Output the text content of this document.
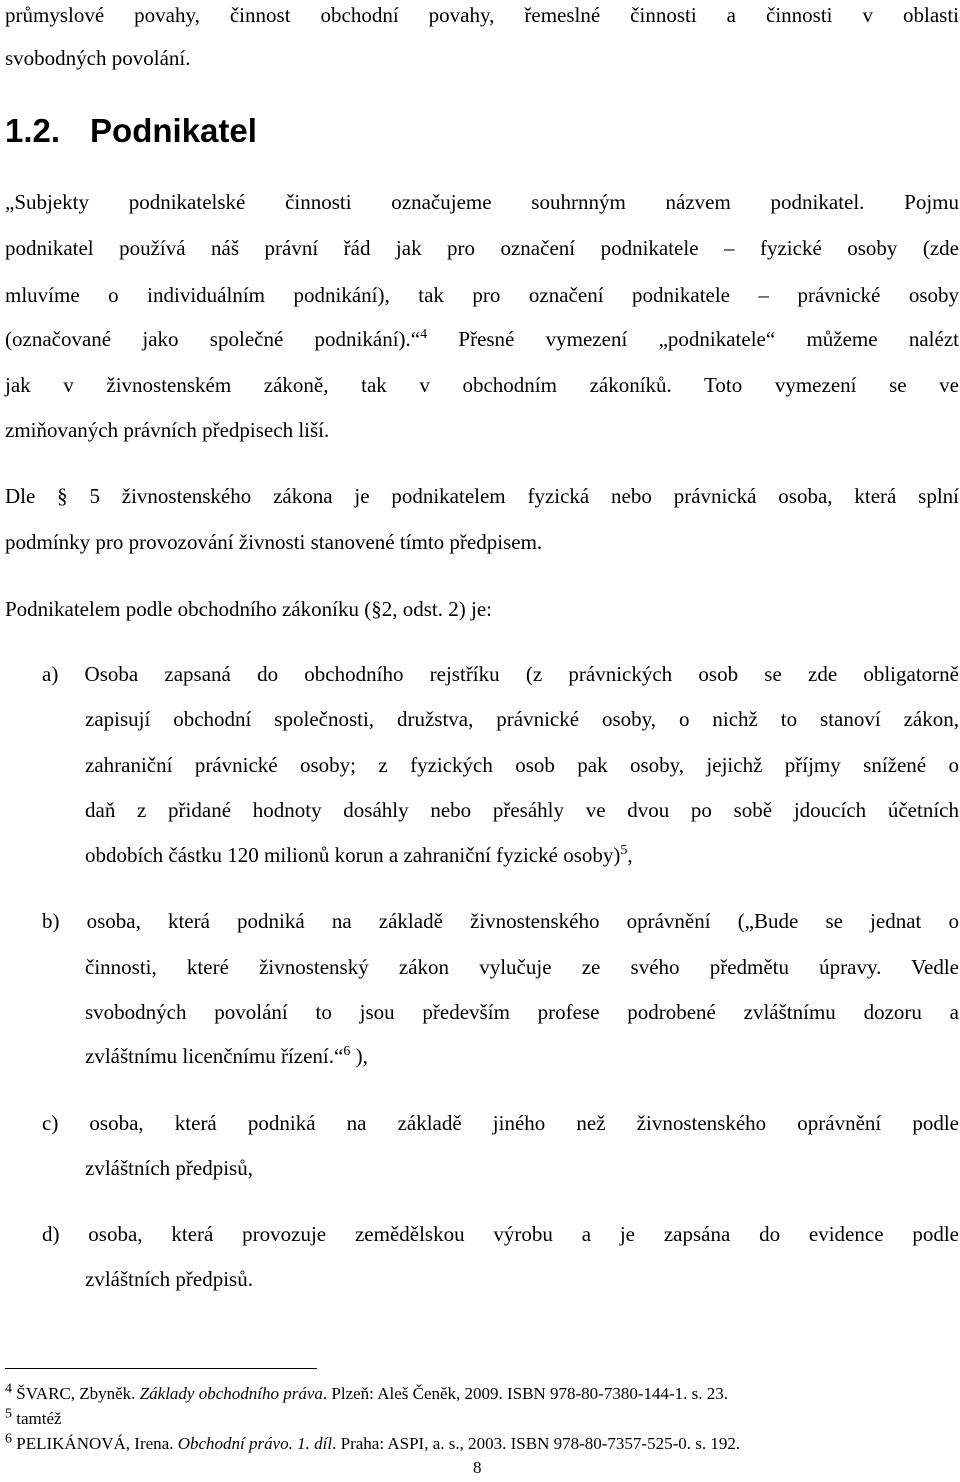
průmyslové povahy, činnost obchodní povahy, řemeslné činnosti a činnosti v oblasti
svobodných povolání.
1.2. Podnikatel
„Subjekty podnikatelské činnosti označujeme souhrnným názvem podnikatel. Pojmu
podnikatel používá náš právní řád jak pro označení podnikatele – fyzické osoby (zde
mluvíme o individuálním podnikání), tak pro označení podnikatele – právnické osoby
(označované jako společné podnikání).“$^4$ Přesné vymezení „podnikatele“ můžeme nalézt
jak v živnostenském zákoně, tak v obchodním zákoníků. Toto vymezení se ve
zmiňovaných právních předpisech liší.
Dle § 5 živnostenského zákona je podnikatelem fyzická nebo právnická osoba, která splní
podmínky pro provozování živnosti stanovené tímto předpisem.
Podnikatelem podle obchodního zákoníku (§2, odst. 2) je:
a) Osoba zapsaná do obchodního rejstříku (z právnických osob se zde obligatorně
zapisují obchodní společnosti, družstva, právnické osoby, o nichž to stanoví zákon,
zahraniční právnické osoby; z fyzických osob pak osoby, jejichž příjmy snížené o
daň z přidané hodnoty dosáhly nebo přesáhly ve dvou po sobě jdoucích účetních
obdobích částku 120 milionů korun a zahraniční fyzické osoby)$^5$,
b) osoba, která podniká na základě živnostenského oprávnění („Bude se jednat o
činnosti, které živnostenský zákon vylučuje ze svého předmětu úpravy. Vedle
svobodných povolání to jsou především profese podrobené zvláštnímu dozoru a
zvláštnímu licenčnímu řízení.“$^6$ ),
c) osoba, která podniká na základě jiného než živnostenského oprávnění podle
zvláštních předpisů,
d) osoba, která provozuje zemědělskou výrobu a je zapsána do evidence podle
zvláštních předpisů.
$^4$ ŠVARC, Zbyněk. Základy obchodního práva. Plzeň: Aleš Čeněk, 2009. ISBN 978-80-7380-144-1. s. 23.
$^5$ tamtéž
$^6$ PELIKÁNOVÁ, Irena. Obchodní právo. 1. díl. Praha: ASPI, a. s., 2003. ISBN 978-80-7357-525-0. s. 192.
8
